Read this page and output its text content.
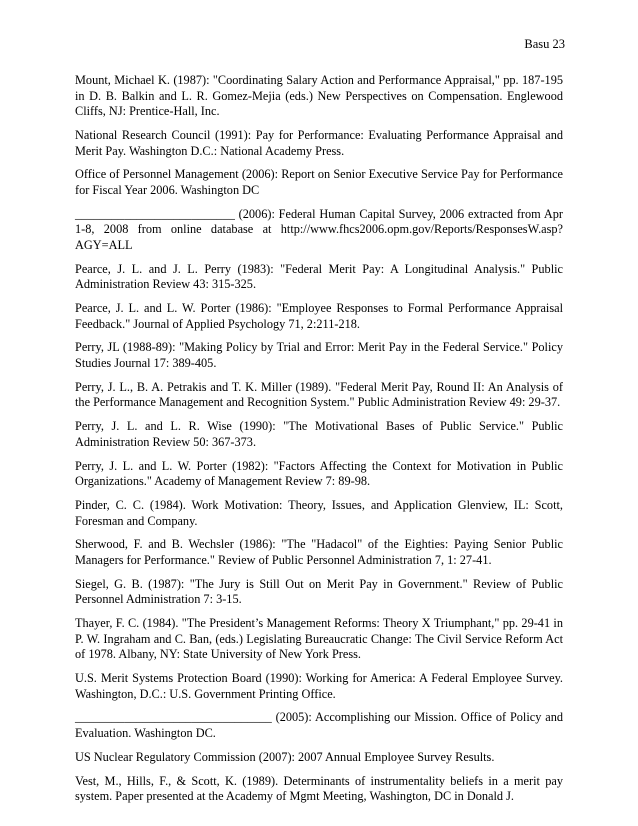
Basu 23

Mount, Michael K. (1987): "Coordinating Salary Action and Performance Appraisal," pp. 187-195 in D. B. Balkin and L. R. Gomez-Mejia (eds.) New Perspectives on Compensation. Englewood Cliffs, NJ: Prentice-Hall, Inc.

National Research Council (1991): Pay for Performance: Evaluating Performance Appraisal and Merit Pay. Washington D.C.: National Academy Press.

Office of Personnel Management (2006): Report on Senior Executive Service Pay for Performance for Fiscal Year 2006. Washington DC

__________________________ (2006): Federal Human Capital Survey, 2006 extracted from Apr 1-8, 2008 from online database at http://www.fhcs2006.opm.gov/Reports/ResponsesW.asp?AGY=ALL

Pearce, J. L. and J. L. Perry (1983): "Federal Merit Pay: A Longitudinal Analysis." Public Administration Review 43: 315-325.

Pearce, J. L. and L. W. Porter (1986): "Employee Responses to Formal Performance Appraisal Feedback." Journal of Applied Psychology 71, 2:211-218.

Perry, JL (1988-89): "Making Policy by Trial and Error: Merit Pay in the Federal Service." Policy Studies Journal 17: 389-405.

Perry, J. L., B. A. Petrakis and T. K. Miller (1989). "Federal Merit Pay, Round II: An Analysis of the Performance Management and Recognition System." Public Administration Review 49: 29-37.

Perry, J. L. and L. R. Wise (1990): "The Motivational Bases of Public Service." Public Administration Review 50: 367-373.

Perry, J. L. and L. W. Porter (1982): "Factors Affecting the Context for Motivation in Public Organizations." Academy of Management Review 7: 89-98.

Pinder, C. C. (1984). Work Motivation: Theory, Issues, and Application Glenview, IL: Scott, Foresman and Company.

Sherwood, F. and B. Wechsler (1986): "The "Hadacol" of the Eighties: Paying Senior Public Managers for Performance." Review of Public Personnel Administration 7, 1: 27-41.

Siegel, G. B. (1987): "The Jury is Still Out on Merit Pay in Government." Review of Public Personnel Administration 7: 3-15.

Thayer, F. C. (1984). "The President’s Management Reforms: Theory X Triumphant," pp. 29-41 in P. W. Ingraham and C. Ban, (eds.) Legislating Bureaucratic Change: The Civil Service Reform Act of 1978. Albany, NY: State University of New York Press.

U.S. Merit Systems Protection Board (1990): Working for America: A Federal Employee Survey. Washington, D.C.: U.S. Government Printing Office.

________________________________ (2005): Accomplishing our Mission. Office of Policy and Evaluation. Washington DC.

US Nuclear Regulatory Commission (2007): 2007 Annual Employee Survey Results.

Vest, M., Hills, F., & Scott, K. (1989). Determinants of instrumentality beliefs in a merit pay system. Paper presented at the Academy of Mgmt Meeting, Washington, DC in Donald J.
